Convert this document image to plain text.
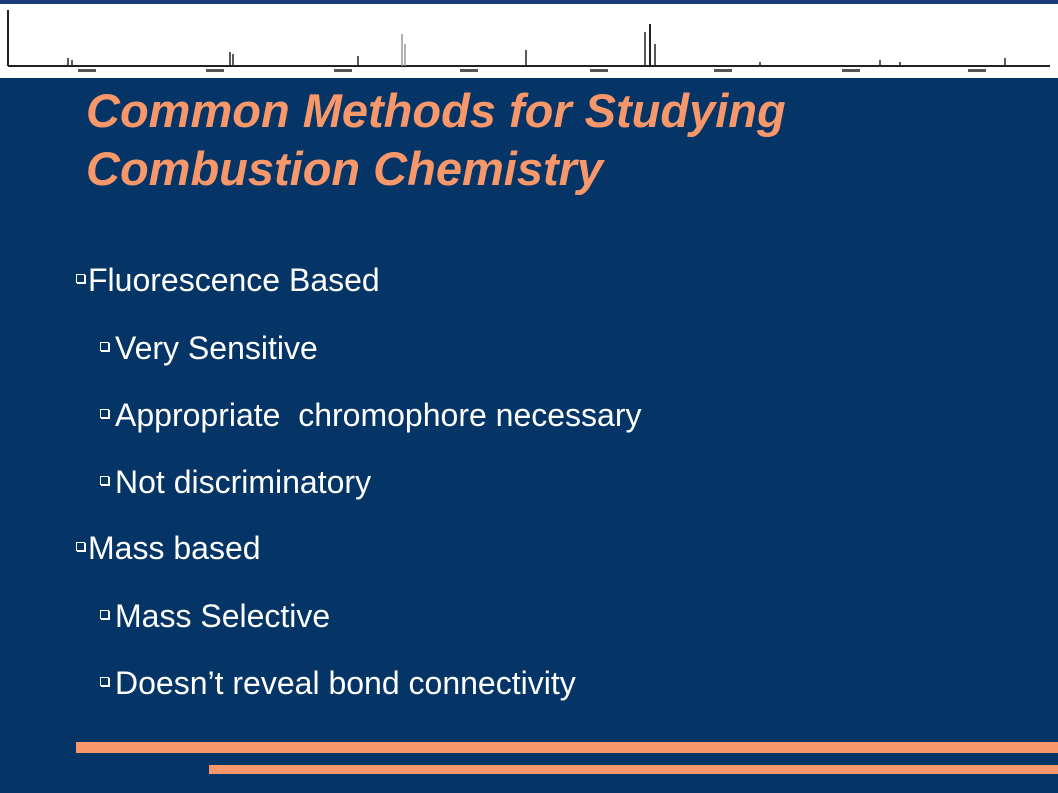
Common Methods for Studying
Combustion Chemistry
Fluorescence Based
Very Sensitive
Appropriate  chromophore necessary
Not discriminatory
Mass based
Mass Selective
Doesn’t reveal bond connectivity
